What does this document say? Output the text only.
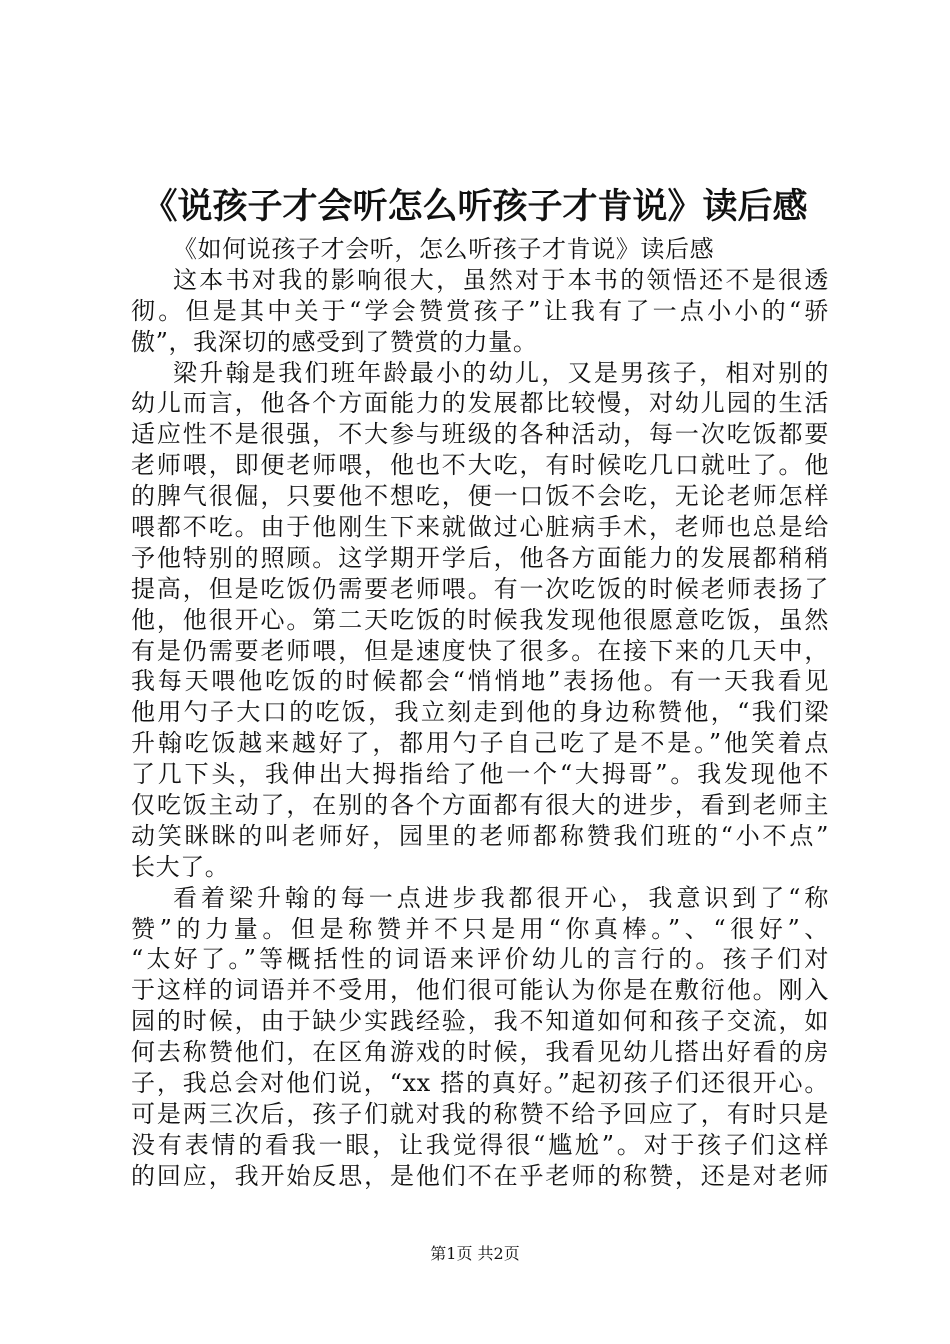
《说孩子才会听怎么听孩子才肯说》读后感
《如何说孩子才会听，怎么听孩子才肯说》读后感
这本书对我的影响很大，虽然对于本书的领悟还不是很透
彻。但是其中关于“学会赞赏孩子”让我有了一点小小的“骄
傲”，我深切的感受到了赞赏的力量。
梁升翰是我们班年龄最小的幼儿，又是男孩子，相对别的
幼儿而言，他各个方面能力的发展都比较慢，对幼儿园的生活
适应性不是很强，不大参与班级的各种活动，每一次吃饭都要
老师喂，即便老师喂，他也不大吃，有时候吃几口就吐了。他
的脾气很倔，只要他不想吃，便一口饭不会吃，无论老师怎样
喂都不吃。由于他刚生下来就做过心脏病手术，老师也总是给
予他特别的照顾。这学期开学后，他各方面能力的发展都稍稍
提高，但是吃饭仍需要老师喂。有一次吃饭的时候老师表扬了
他，他很开心。第二天吃饭的时候我发现他很愿意吃饭，虽然
有是仍需要老师喂，但是速度快了很多。在接下来的几天中，
我每天喂他吃饭的时候都会“悄悄地”表扬他。有一天我看见
他用勺子大口的吃饭，我立刻走到他的身边称赞他，“我们梁
升翰吃饭越来越好了，都用勺子自己吃了是不是。”他笑着点
了几下头，我伸出大拇指给了他一个“大拇哥”。我发现他不
仅吃饭主动了，在别的各个方面都有很大的进步，看到老师主
动笑眯眯的叫老师好，园里的老师都称赞我们班的“小不点”
长大了。
看着梁升翰的每一点进步我都很开心，我意识到了“称
赞”的力量。但是称赞并不只是用“你真棒。”、“很好”、
“太好了。”等概括性的词语来评价幼儿的言行的。孩子们对
于这样的词语并不受用，他们很可能认为你是在敷衍他。刚入
园的时候，由于缺少实践经验，我不知道如何和孩子交流，如
何去称赞他们，在区角游戏的时候，我看见幼儿搭出好看的房
子，我总会对他们说，“xx 搭的真好。”起初孩子们还很开心。
可是两三次后，孩子们就对我的称赞不给予回应了，有时只是
没有表情的看我一眼，让我觉得很“尴尬”。对于孩子们这样
的回应，我开始反思，是他们不在乎老师的称赞，还是对老师
第1页 共2页
